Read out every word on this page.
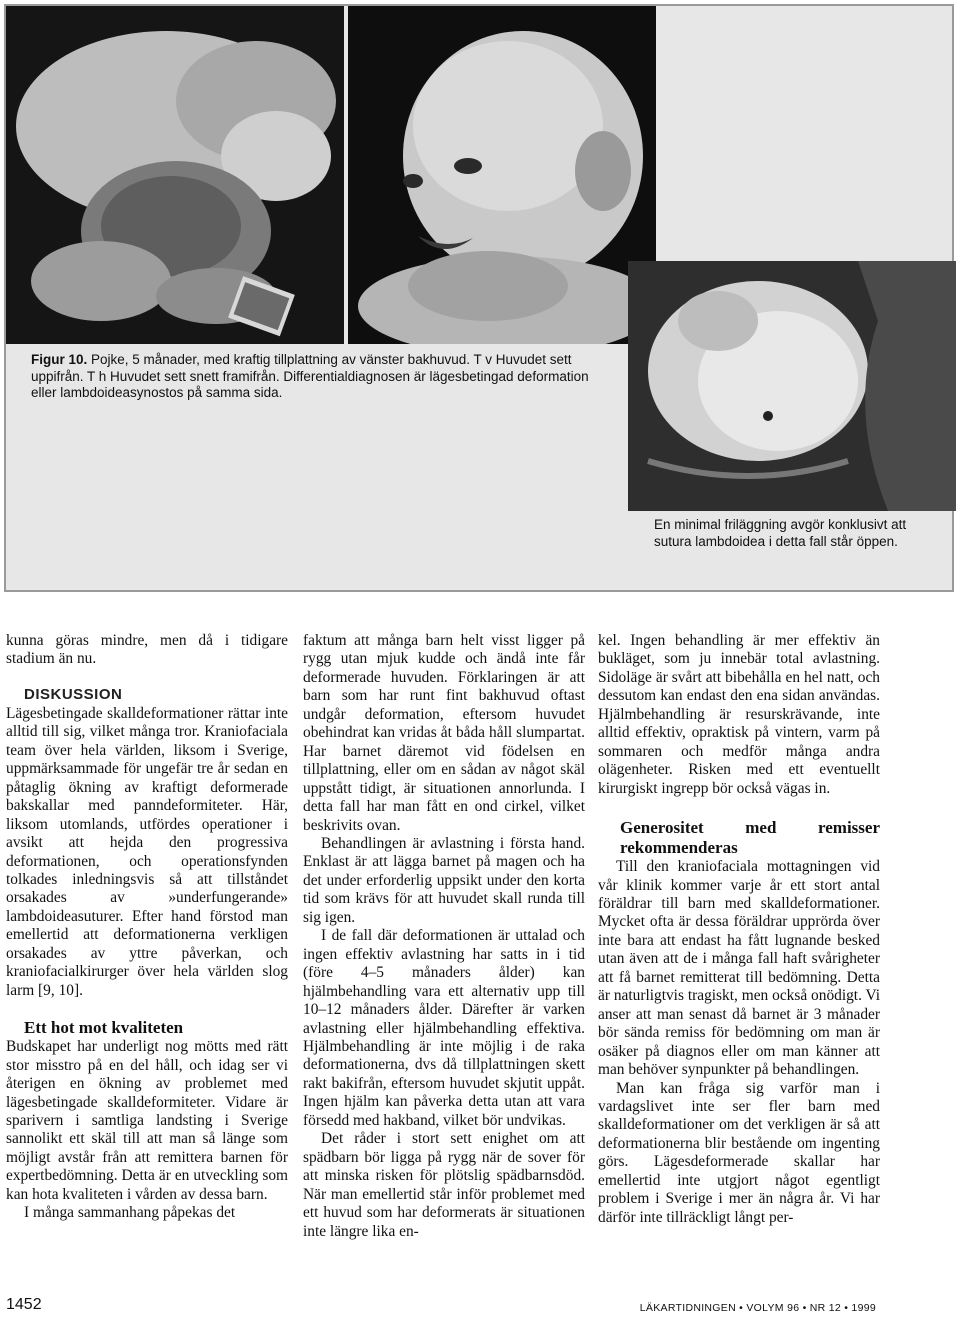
Figur 10. Pojke, 5 månader, med kraftig tillplattning av vänster bakhuvud. T v Huvudet sett uppifrån. T h Huvudet sett snett framifrån. Differentialdiagnosen är lägesbetingad deformation eller lambdoideasynostos på samma sida.
En minimal friläggning avgör konklusivt att sutura lambdoidea i detta fall står öppen.

kunna göras mindre, men då i tidigare stadium än nu.

DISKUSSION

Lägesbetingade skalldeformationer rättar inte alltid till sig, vilket många tror. Kraniofaciala team över hela världen, liksom i Sverige, uppmärksammade för ungefär tre år sedan en påtaglig ökning av kraftigt deformerade bakskallar med panndeformiteter. Här, liksom utomlands, utfördes operationer i avsikt att hejda den progressiva deformationen, och operationsfynden tolkades inledningsvis så att tillståndet orsakades av »underfungerande» lambdoideasuturer. Efter hand förstod man emellertid att deformationerna verkligen orsakades av yttre påverkan, och kraniofacialkirurger över hela världen slog larm [9, 10].

Ett hot mot kvaliteten

Budskapet har underligt nog mötts med rätt stor misstro på en del håll, och idag ser vi återigen en ökning av problemet med lägesbetingade skalldeformiteter. Vidare är sparivern i samtliga landsting i Sverige sannolikt ett skäl till att man så länge som möjligt avstår från att remittera barnen för expertbedömning. Detta är en utveckling som kan hota kvaliteten i vården av dessa barn.

I många sammanhang påpekas det

faktum att många barn helt visst ligger på rygg utan mjuk kudde och ändå inte får deformerade huvuden. Förklaringen är att barn som har runt fint bakhuvud oftast undgår deformation, eftersom huvudet obehindrat kan vridas åt båda håll slumpartat. Har barnet däremot vid födelsen en tillplattning, eller om en sådan av något skäl uppstått tidigt, är situationen annorlunda. I detta fall har man fått en ond cirkel, vilket beskrivits ovan.

Behandlingen är avlastning i första hand. Enklast är att lägga barnet på magen och ha det under erforderlig uppsikt under den korta tid som krävs för att huvudet skall runda till sig igen.

I de fall där deformationen är uttalad och ingen effektiv avlastning har satts in i tid (före 4–5 månaders ålder) kan hjälmbehandling vara ett alternativ upp till 10–12 månaders ålder. Därefter är varken avlastning eller hjälmbehandling effektiva. Hjälmbehandling är inte möjlig i de raka deformationerna, dvs då tillplattningen skett rakt bakifrån, eftersom huvudet skjutit uppåt. Ingen hjälm kan påverka detta utan att vara försedd med hakband, vilket bör undvikas.

Det råder i stort sett enighet om att spädbarn bör ligga på rygg när de sover för att minska risken för plötslig spädbarnsdöd. När man emellertid står inför problemet med ett huvud som har deformerats är situationen inte längre lika en-

kel. Ingen behandling är mer effektiv än bukläget, som ju innebär total avlastning. Sidoläge är svårt att bibehålla en hel natt, och dessutom kan endast den ena sidan användas. Hjälmbehandling är resurskrävande, inte alltid effektiv, opraktisk på vintern, varm på sommaren och medför många andra olägenheter. Risken med ett eventuellt kirurgiskt ingrepp bör också vägas in.

Generositet med remisser rekommenderas

Till den kraniofaciala mottagningen vid vår klinik kommer varje år ett stort antal föräldrar till barn med skalldeformationer. Mycket ofta är dessa föräldrar upprörda över inte bara att endast ha fått lugnande besked utan även att de i många fall haft svårigheter att få barnet remitterat till bedömning. Detta är naturligtvis tragiskt, men också onödigt. Vi anser att man senast då barnet är 3 månader bör sända remiss för bedömning om man är osäker på diagnos eller om man känner att man behöver synpunkter på behandlingen.

Man kan fråga sig varför man i vardagslivet inte ser fler barn med skalldeformationer om det verkligen är så att deformationerna blir bestående om ingenting görs. Lägesdeformerade skallar har emellertid inte utgjort något egentligt problem i Sverige i mer än några år. Vi har därför inte tillräckligt långt per-

1452	LÄKARTIDNINGEN • VOLYM 96 • NR 12 • 1999
